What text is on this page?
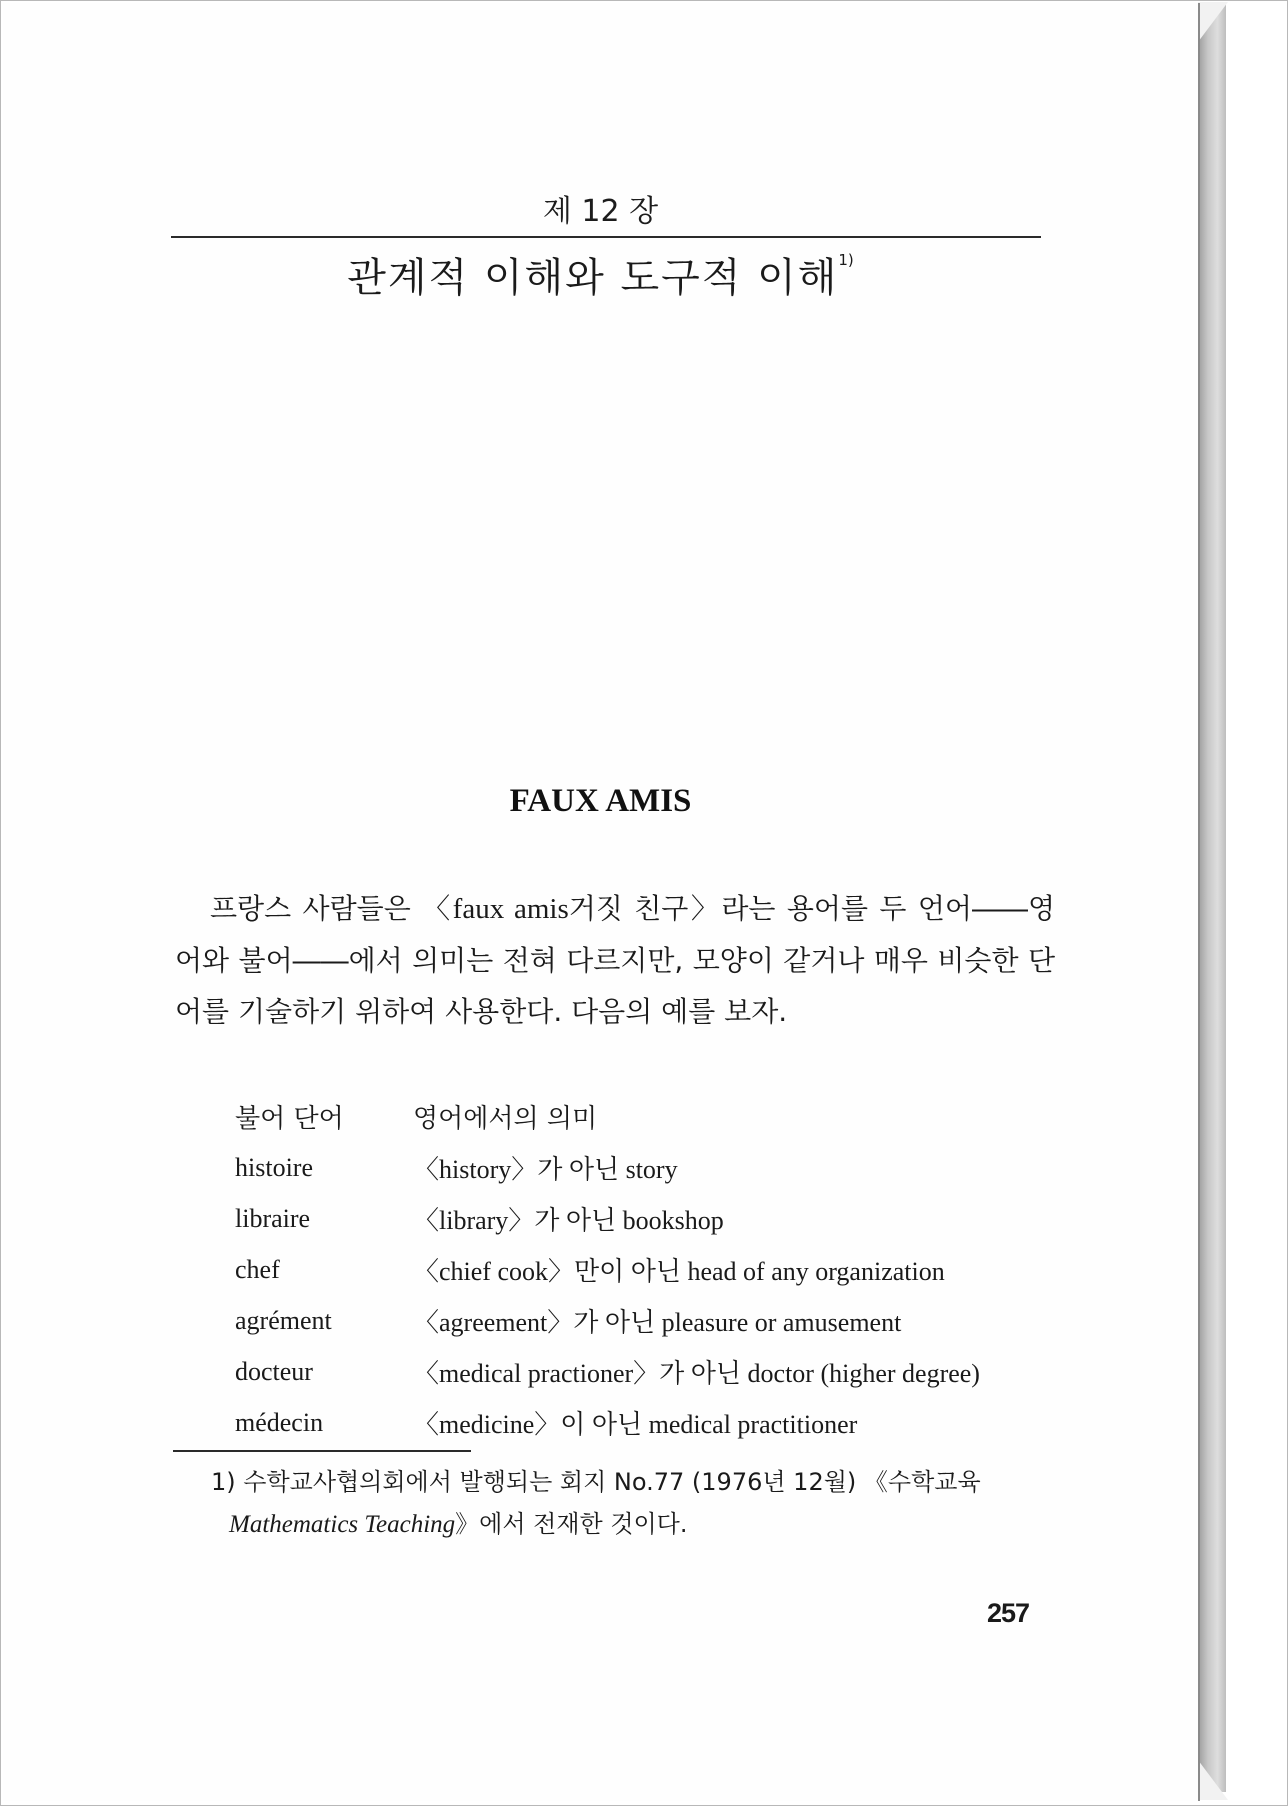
제 12 장
관계적 이해와 도구적 이해$^{1)}$
FAUX AMIS
프랑스 사람들은 〈faux amis거짓 친구〉라는 용어를 두 언어――영어와 불어――에서 의미는 전혀 다르지만, 모양이 같거나 매우 비슷한 단어를 기술하기 위하여 사용한다. 다음의 예를 보자.
불어 단어	영어에서의 의미
histoire	〈history〉가 아닌 story
libraire	〈library〉가 아닌 bookshop
chef	〈chief cook〉만이 아닌 head of any organization
agrément	〈agreement〉가 아닌 pleasure or amusement
docteur	〈medical practioner〉가 아닌 doctor (higher degree)
médecin	〈medicine〉이 아닌 medical practitioner
1) 수학교사협의회에서 발행되는 회지 No.77 (1976년 12월) 《수학교육
Mathematics Teaching》에서 전재한 것이다.
257
